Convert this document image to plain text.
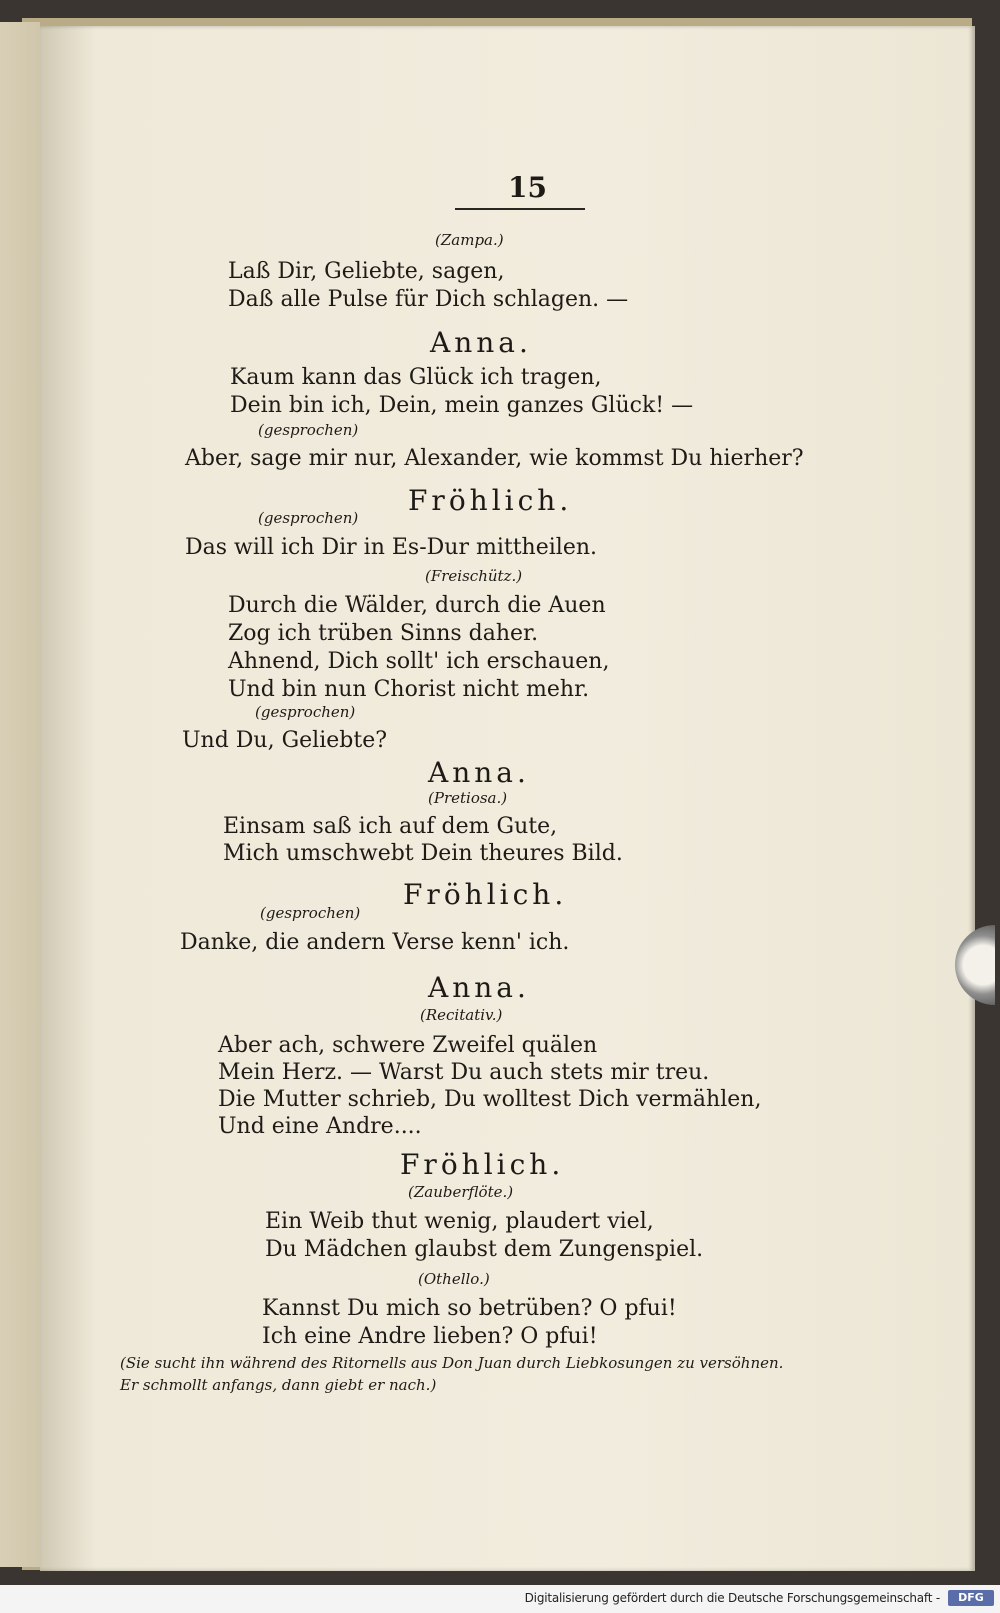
15
(Zampa.)
Laß Dir, Geliebte, sagen,
Daß alle Pulse für Dich schlagen. —
Anna.
Kaum kann das Glück ich tragen,
Dein bin ich, Dein, mein ganzes Glück! —
(gesprochen)
Aber, sage mir nur, Alexander, wie kommst Du hierher?
Fröhlich.
(gesprochen)
Das will ich Dir in Es-Dur mittheilen.
(Freischütz.)
Durch die Wälder, durch die Auen
Zog ich trüben Sinns daher.
Ahnend, Dich sollt' ich erschauen,
Und bin nun Chorist nicht mehr.
(gesprochen)
Und Du, Geliebte?
Anna.
(Pretiosa.)
Einsam saß ich auf dem Gute,
Mich umschwebt Dein theures Bild.
Fröhlich.
(gesprochen)
Danke, die andern Verse kenn' ich.
Anna.
(Recitativ.)
Aber ach, schwere Zweifel quälen
Mein Herz. — Warst Du auch stets mir treu.
Die Mutter schrieb, Du wolltest Dich vermählen,
Und eine Andre....
Fröhlich.
(Zauberflöte.)
Ein Weib thut wenig, plaudert viel,
Du Mädchen glaubst dem Zungenspiel.
(Othello.)
Kannst Du mich so betrüben? O pfui!
Ich eine Andre lieben? O pfui!
(Sie sucht ihn während des Ritornells aus Don Juan durch Liebkosungen zu versöhnen.
Er schmollt anfangs, dann giebt er nach.)
Digitalisierung gefördert durch die Deutsche Forschungsgemeinschaft -	DFG
